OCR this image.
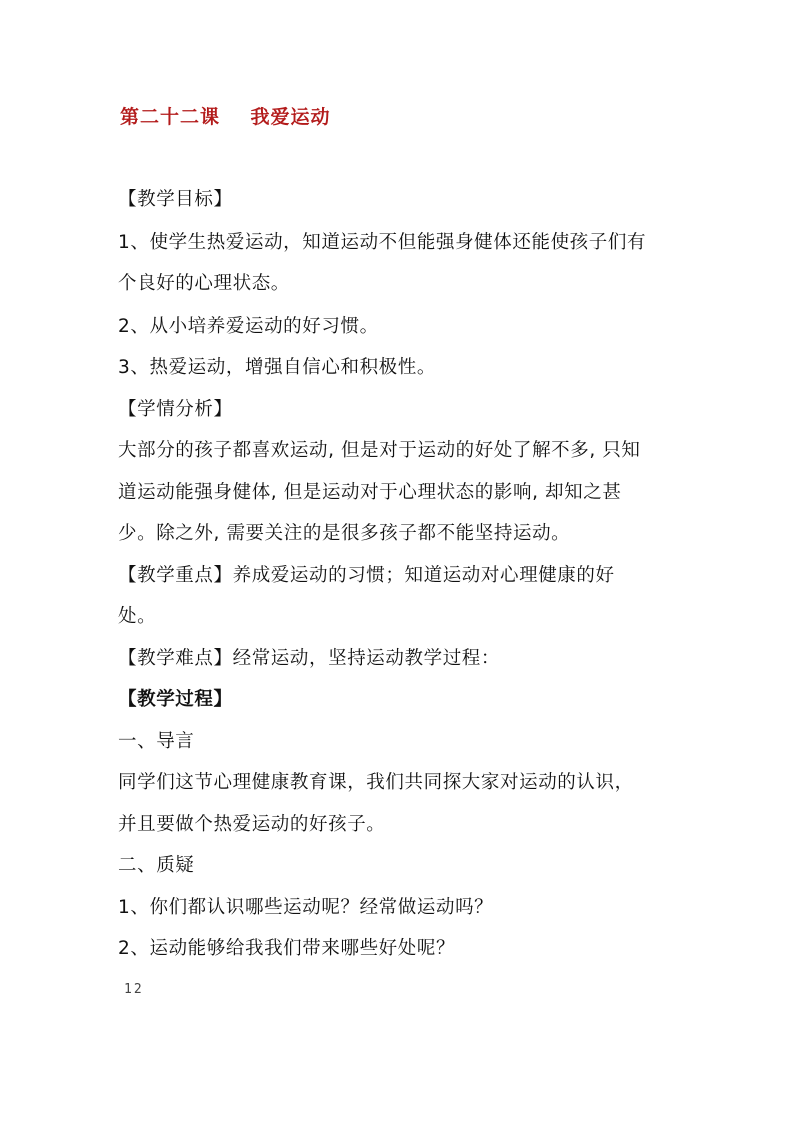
第二十二课    我爱运动
【教学目标】
1、使学生热爱运动，知道运动不但能强身健体还能使孩子们有
个良好的心理状态。
2、从小培养爱运动的好习惯。
3、热爱运动，增强自信心和积极性。
【学情分析】
大部分的孩子都喜欢运动, 但是对于运动的好处了解不多, 只知
道运动能强身健体, 但是运动对于心理状态的影响, 却知之甚
少。除之外, 需要关注的是很多孩子都不能坚持运动。
【教学重点】养成爱运动的习惯；知道运动对心理健康的好
处。
【教学难点】经常运动，坚持运动教学过程：
【教学过程】
一、导言
同学们这节心理健康教育课，我们共同探大家对运动的认识，
并且要做个热爱运动的好孩子。
二、质疑
1、你们都认识哪些运动呢？经常做运动吗？
2、运动能够给我我们带来哪些好处呢？
12
